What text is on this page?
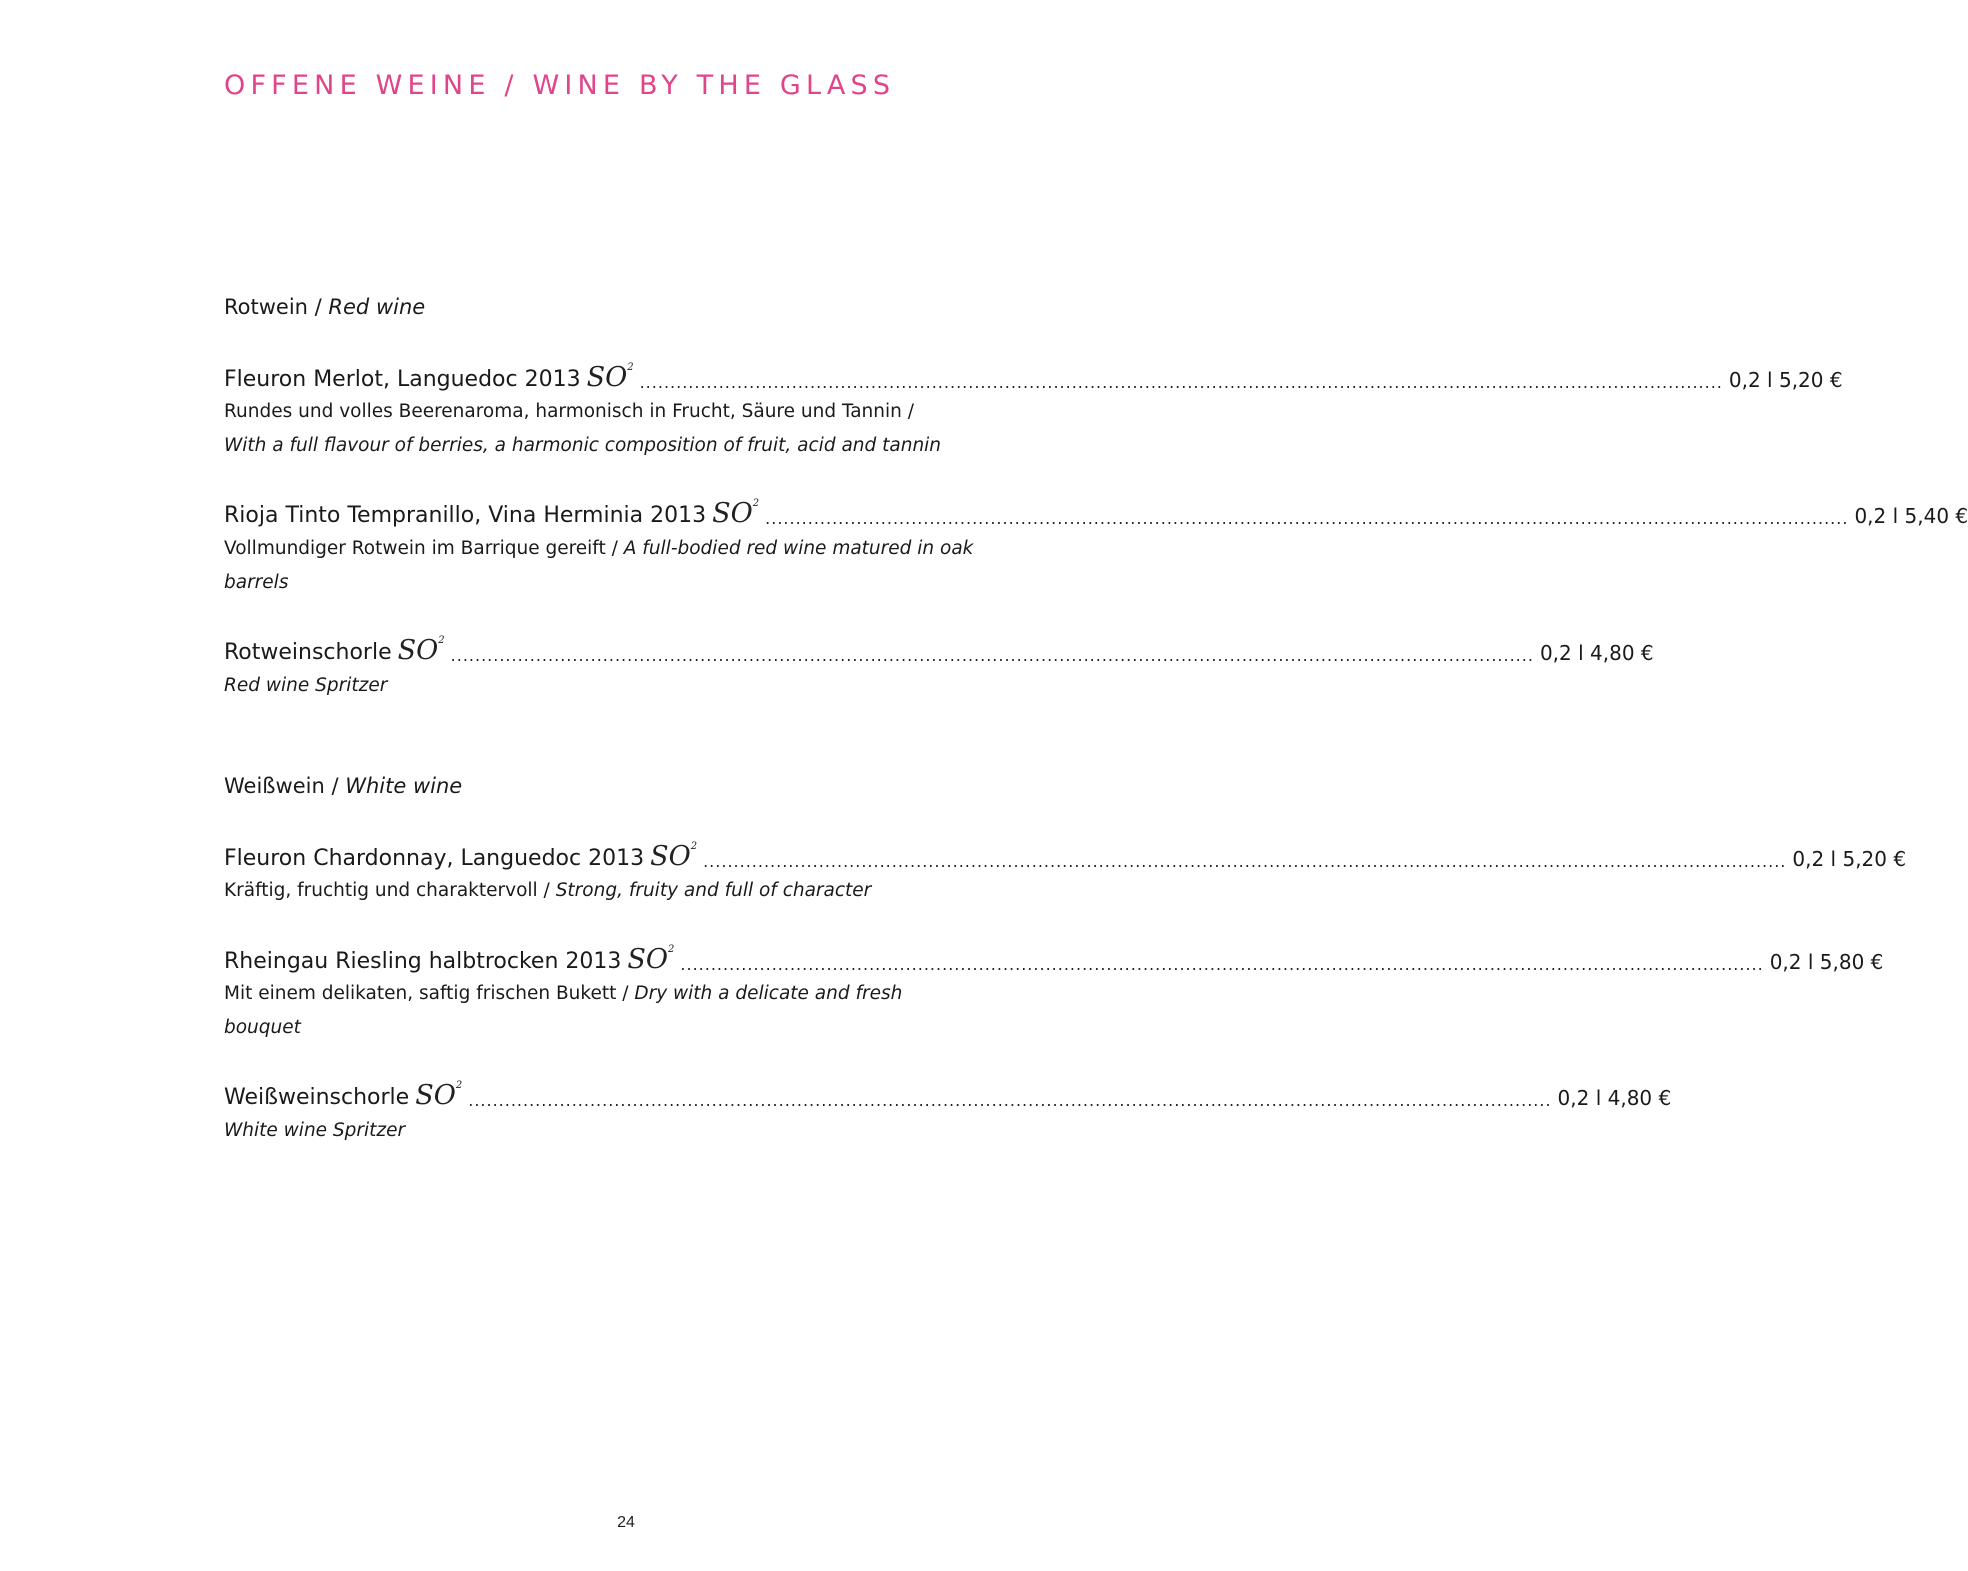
OFFENE WEINE / WINE BY THE GLASS
Rotwein / Red wine
Fleuron Merlot, Languedoc 2013 $SO^2$
.................................................................................................................................................................................. 0,2 l 5,20 €

Rundes und volles Beerenaroma, harmonisch in Frucht, Säure und Tannin /
With a full flavour of berries, a harmonic composition of fruit, acid and tannin

Rioja Tinto Tempranillo, Vina Herminia 2013 $SO^2$
.................................................................................................................................................................................. 0,2 l 5,40 €

Vollmundiger Rotwein im Barrique gereift / A full-bodied red wine matured in oak barrels

Rotweinschorle $SO^2$
.................................................................................................................................................................................. 0,2 l 4,80 €

Red wine Spritzer

Weißwein / White wine
Fleuron Chardonnay, Languedoc 2013 $SO^2$
.................................................................................................................................................................................. 0,2 l 5,20 €

Kräftig, fruchtig und charaktervoll / Strong, fruity and full of character

Rheingau Riesling halbtrocken 2013 $SO^2$
.................................................................................................................................................................................. 0,2 l 5,80 €

Mit einem delikaten, saftig frischen Bukett / Dry with a delicate and fresh bouquet

Weißweinschorle $SO^2$
.................................................................................................................................................................................. 0,2 l 4,80 €

White wine Spritzer

24
